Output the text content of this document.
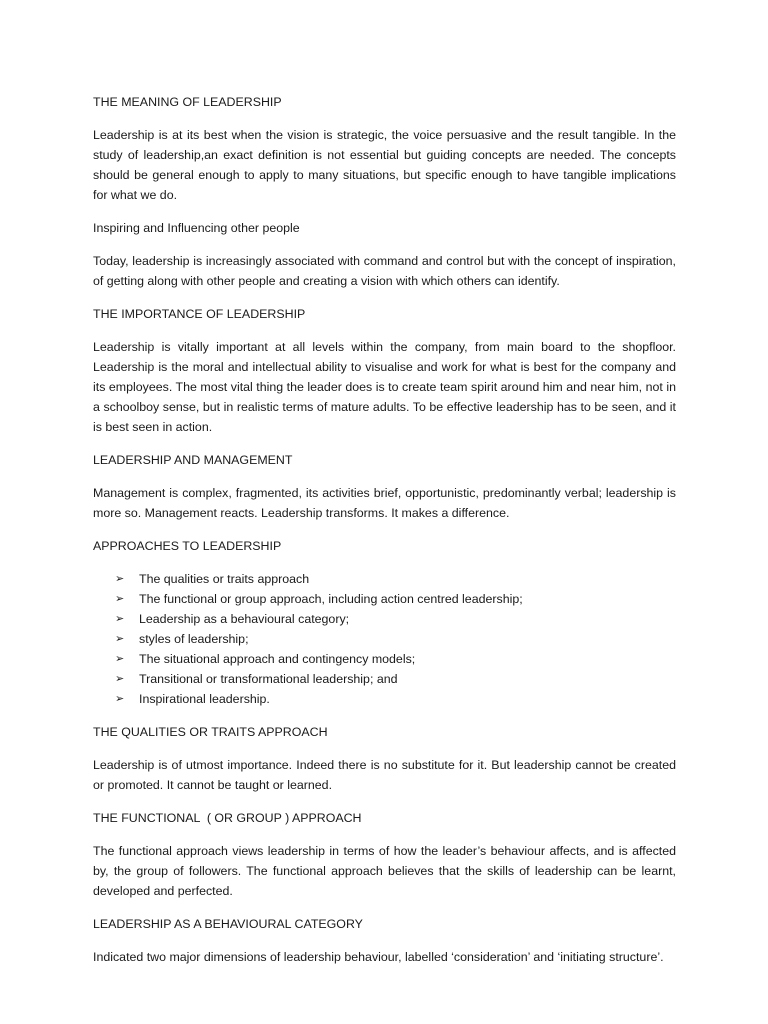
THE MEANING OF LEADERSHIP

Leadership is at its best when the vision is strategic, the voice persuasive and the result tangible. In the study of leadership,an exact definition is not essential but guiding concepts are needed. The concepts should be general enough to apply to many situations, but specific enough to have tangible implications for what we do.

Inspiring and Influencing other people

Today, leadership is increasingly associated with command and control but with the concept of inspiration, of getting along with other people and creating a vision with which others can identify.

THE IMPORTANCE OF LEADERSHIP

Leadership is vitally important at all levels within the company, from main board to the shopfloor. Leadership is the moral and intellectual ability to visualise and work for what is best for the company and its employees. The most vital thing the leader does is to create team spirit around him and near him, not in a schoolboy sense, but in realistic terms of mature adults. To be effective leadership has to be seen, and it is best seen in action.

LEADERSHIP AND MANAGEMENT

Management is complex, fragmented, its activities brief, opportunistic, predominantly verbal; leadership is more so. Management reacts. Leadership transforms. It makes a difference.

APPROACHES TO LEADERSHIP
➢ The qualities or traits approach
➢ The functional or group approach, including action centred leadership;
➢ Leadership as a behavioural category;
➢ styles of leadership;
➢ The situational approach and contingency models;
➢ Transitional or transformational leadership; and
➢ Inspirational leadership.
THE QUALITIES OR TRAITS APPROACH

Leadership is of utmost importance. Indeed there is no substitute for it. But leadership cannot be created or promoted. It cannot be taught or learned.

THE FUNCTIONAL  ( OR GROUP ) APPROACH

The functional approach views leadership in terms of how the leader’s behaviour affects, and is affected by, the group of followers. The functional approach believes that the skills of leadership can be learnt, developed and perfected.

LEADERSHIP AS A BEHAVIOURAL CATEGORY

Indicated two major dimensions of leadership behaviour, labelled ‘consideration’ and ‘initiating structure’.
